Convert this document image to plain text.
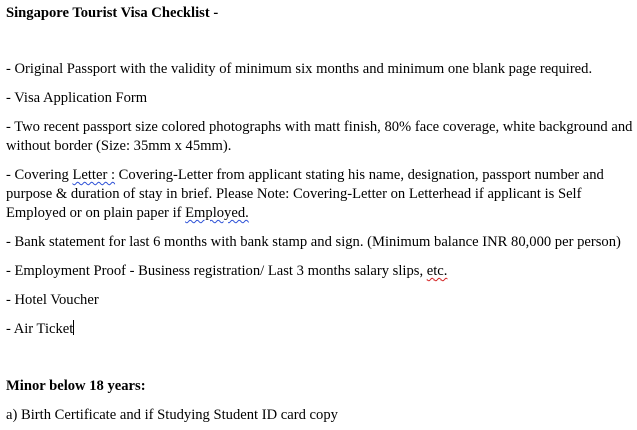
Singapore Tourist Visa Checklist -

- Original Passport with the validity of minimum six months and minimum one blank page required.

- Visa Application Form

- Two recent passport size colored photographs with matt finish, 80% face coverage, white background and without border (Size: 35mm x 45mm).

- Covering Letter : Covering-Letter from applicant stating his name, designation, passport number and purpose & duration of stay in brief. Please Note: Covering-Letter on Letterhead if applicant is Self Employed or on plain paper if Employed.

- Bank statement for last 6 months with bank stamp and sign. (Minimum balance INR 80,000 per person)

- Employment Proof - Business registration/ Last 3 months salary slips, etc.

- Hotel Voucher

- Air Ticket

Minor below 18 years:

a) Birth Certificate and if Studying Student ID card copy
